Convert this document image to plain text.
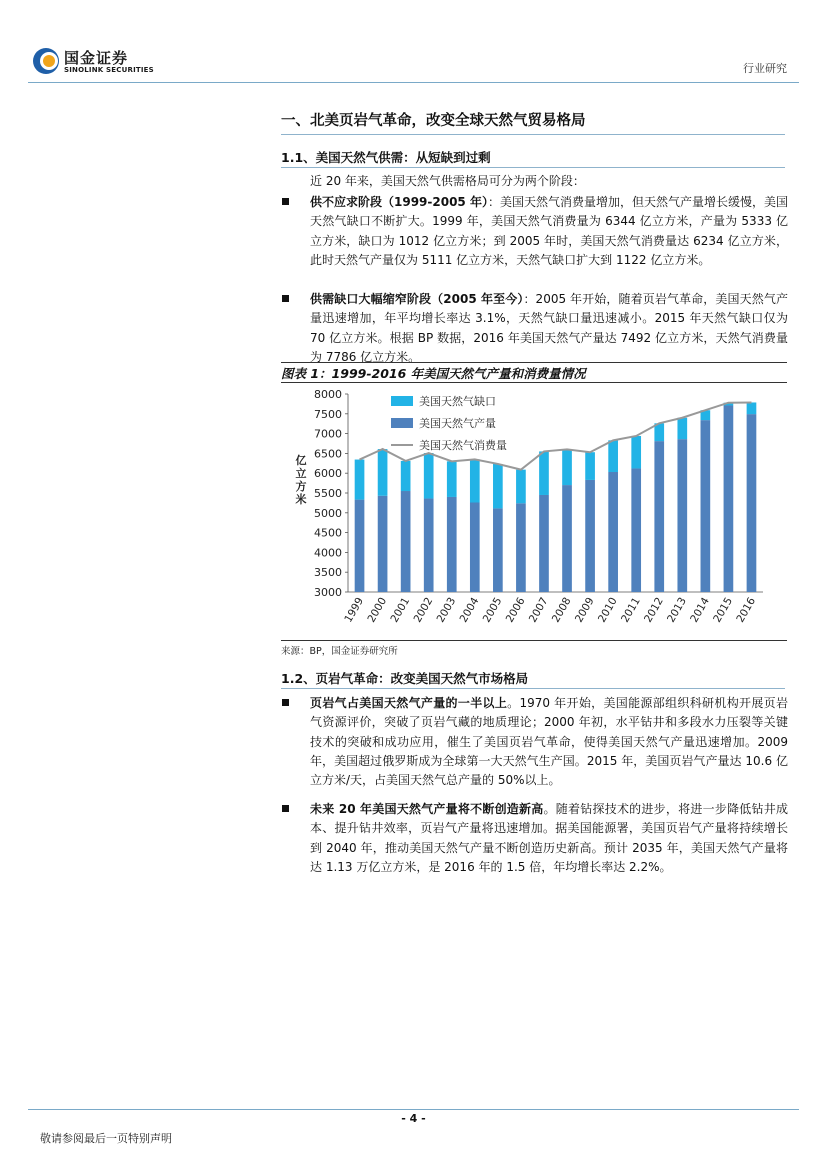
国金证券
SINOLINK SECURITIES	行业研究
一、北美页岩气革命，改变全球天然气贸易格局
1.1、美国天然气供需：从短缺到过剩
近 20 年来，美国天然气供需格局可分为两个阶段：
供不应求阶段（1999-2005 年）：美国天然气消费量增加，但天然气产量增长缓慢，美国天然气缺口不断扩大。1999 年，美国天然气消费量为 6344 亿立方米，产量为 5333 亿立方米，缺口为 1012 亿立方米；到 2005 年时，美国天然气消费量达 6234 亿立方米，此时天然气产量仅为 5111 亿立方米，天然气缺口扩大到 1122 亿立方米。
供需缺口大幅缩窄阶段（2005 年至今）：2005 年开始，随着页岩气革命，美国天然气产量迅速增加，年平均增长率达 3.1%，天然气缺口量迅速减小。2015 年天然气缺口仅为 70 亿立方米。根据 BP 数据，2016 年美国天然气产量达 7492 亿立方米，天然气消费量为 7786 亿立方米。
图表 1：1999-2016 年美国天然气产量和消费量情况
3000
3500
4000
4500
5000
5500
6000
6500
7000
7500
8000
亿
立
方
米
1999 2000 2001 2002 2003 2004 2005 2006 2007 2008 2009 2010 2011 2012 2013 2014 2015 2016
美国天然气缺口
美国天然气产量
美国天然气消费量
来源：BP，国金证券研究所
1.2、页岩气革命：改变美国天然气市场格局
页岩气占美国天然气产量的一半以上。1970 年开始，美国能源部组织科研机构开展页岩气资源评价，突破了页岩气藏的地质理论；2000 年初，水平钻井和多段水力压裂等关键技术的突破和成功应用，催生了美国页岩气革命，使得美国天然气产量迅速增加。2009 年，美国超过俄罗斯成为全球第一大天然气生产国。2015 年，美国页岩气产量达 10.6 亿立方米/天，占美国天然气总产量的 50%以上。
未来 20 年美国天然气产量将不断创造新高。随着钻探技术的进步，将进一步降低钻井成本、提升钻井效率，页岩气产量将迅速增加。据美国能源署，美国页岩气产量将持续增长到 2040 年，推动美国天然气产量不断创造历史新高。预计 2035 年，美国天然气产量将达 1.13 万亿立方米，是 2016 年的 1.5 倍，年均增长率达 2.2%。
- 4 -
敬请参阅最后一页特别声明
